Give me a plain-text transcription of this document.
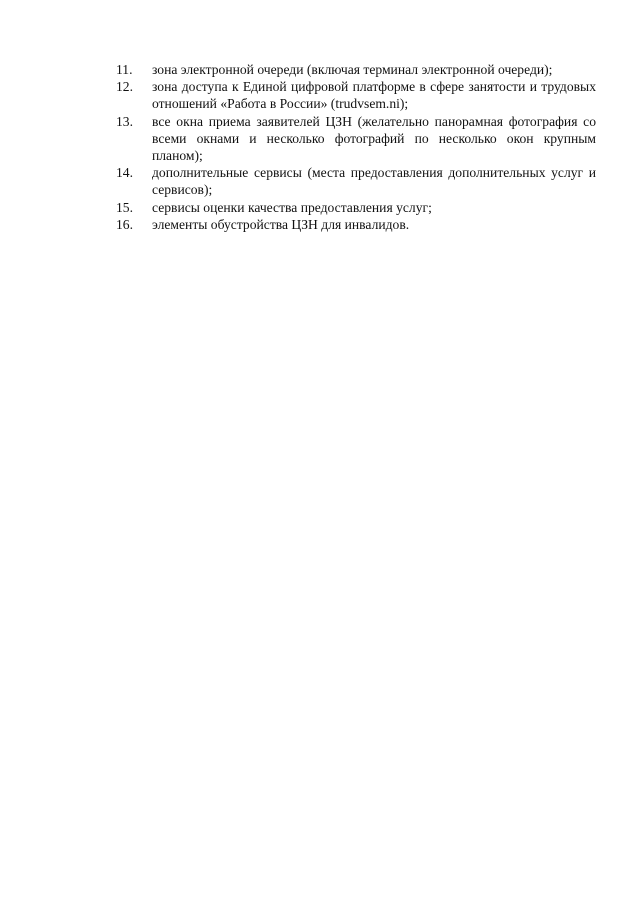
11.	зона электронной очереди (включая терминал электронной очереди);
12.	зона доступа к Единой цифровой платформе в сфере занятости и трудовых отношений «Работа в России» (trudvsem.ni);
13.	все окна приема заявителей ЦЗН (желательно панорамная фотография со всеми окнами и несколько фотографий по несколько окон крупным планом);
14.	дополнительные сервисы (места предоставления дополнительных услуг и сервисов);
15.	сервисы оценки качества предоставления услуг;
16.	элементы обустройства ЦЗН для инвалидов.
